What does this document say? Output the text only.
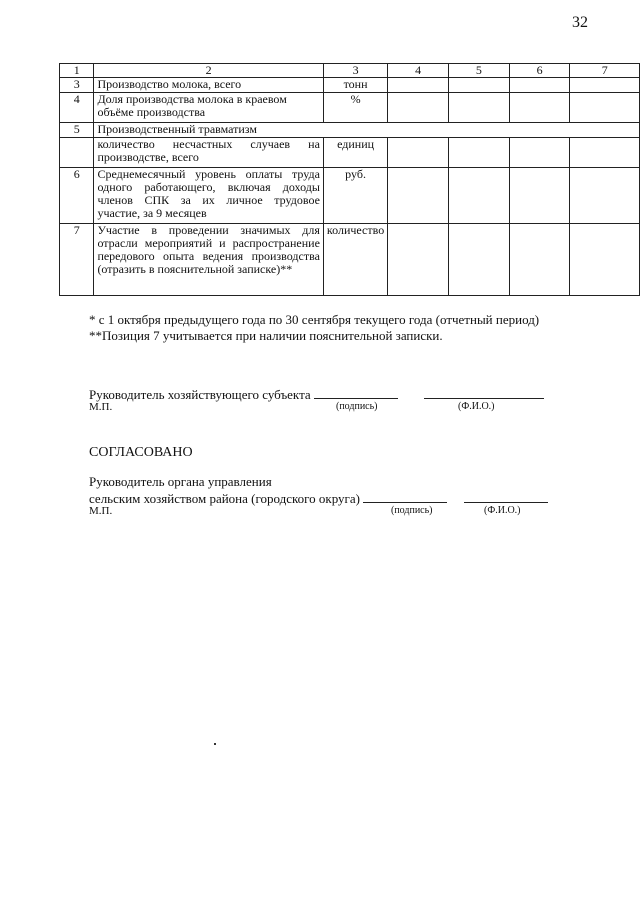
32
1	2	3	4	5	6	7
3	Производство молока, всего	тонн				
4	Доля производства молока в краевом объёме производства	%				
5	Производственный травматизм					
	количество несчастных случаев на производстве, всего	единиц				
6	Среднемесячный уровень оплаты труда одного работающего, включая доходы членов СПК за их личное трудовое участие, за 9 месяцев	руб.				
7	Участие в проведении значимых для отрасли мероприятий и распространение передового опыта ведения производства (отразить в пояснительной записке)**	количество				
* с 1 октября предыдущего года по 30 сентября текущего года (отчетный период)
**Позиция 7 учитывается при наличии пояснительной записки.
Руководитель хозяйствующего субъекта
М.П.	(подпись)	(Ф.И.О.)
СОГЛАСОВАНО
Руководитель органа управления
сельским хозяйством района (городского округа)
М.П.	(подпись)	(Ф.И.О.)
